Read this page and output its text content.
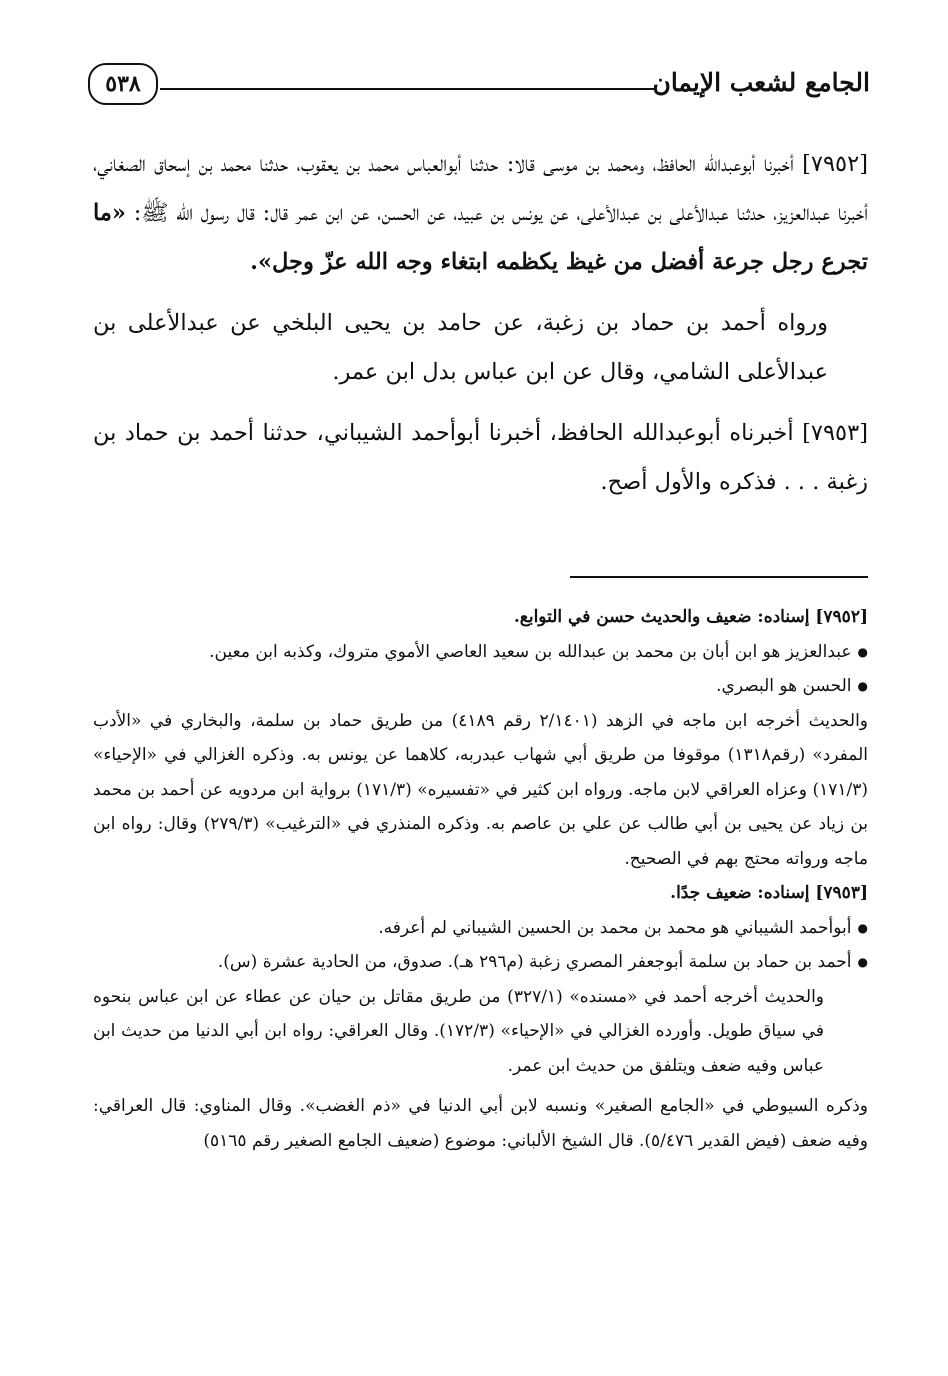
٥٣٨	الجامع لشعب الإيمان

[٧٩٥٢] أخبرنا أبوعبدالله الحافظ، ومحمد بن موسى قالا: حدثنا أبوالعباس محمد بن يعقوب، حدثنا محمد بن إسحاق الصغاني، أخبرنا عبدالعزيز، حدثنا عبدالأعلى بن عبدالأعلى، عن يونس بن عبيد، عن الحسن، عن ابن عمر قال: قال رسول الله ﷺ: «ما تجرع رجل جرعة أفضل من غيظ يكظمه ابتغاء وجه الله عزّ وجل».

ورواه أحمد بن حماد بن زغبة، عن حامد بن يحيى البلخي عن عبدالأعلى بن عبدالأعلى الشامي، وقال عن ابن عباس بدل ابن عمر.

[٧٩٥٣] أخبرناه أبوعبدالله الحافظ، أخبرنا أبوأحمد الشيباني، حدثنا أحمد بن حماد بن زغبة . . . فذكره والأول أصح.

[٧٩٥٢] إسناده: ضعيف والحديث حسن في التوابع.

● عبدالعزيز هو ابن أبان بن محمد بن عبدالله بن سعيد العاصي الأموي متروك، وكذبه ابن معين.

● الحسن هو البصري.

والحديث أخرجه ابن ماجه في الزهد (٢/١٤٠١ رقم ٤١٨٩) من طريق حماد بن سلمة، والبخاري في «الأدب المفرد» (رقم١٣١٨) موقوفا من طريق أبي شهاب عبدربه، كلاهما عن يونس به. وذكره الغزالي في «الإحياء» (١٧١/٣) وعزاه العراقي لابن ماجه. ورواه ابن كثير في «تفسيره» (١٧١/٣) برواية ابن مردويه عن أحمد بن محمد بن زياد عن يحيى بن أبي طالب عن علي بن عاصم به. وذكره المنذري في «الترغيب» (٢٧٩/٣) وقال: رواه ابن ماجه ورواته محتج بهم في الصحيح.

[٧٩٥٣] إسناده: ضعيف جدًا.

● أبوأحمد الشيباني هو محمد بن محمد بن الحسين الشيباني لم أعرفه.

● أحمد بن حماد بن سلمة أبوجعفر المصري زغبة (م٢٩٦ هـ). صدوق، من الحادية عشرة (س).

والحديث أخرجه أحمد في «مسنده» (٣٢٧/١) من طريق مقاتل بن حيان عن عطاء عن ابن عباس بنحوه في سياق طويل. وأورده الغزالي في «الإحياء» (١٧٢/٣). وقال العراقي: رواه ابن أبي الدنيا من حديث ابن عباس وفيه ضعف ويتلفق من حديث ابن عمر.

وذكره السيوطي في «الجامع الصغير» ونسبه لابن أبي الدنيا في «ذم الغضب». وقال المناوي: قال العراقي: وفيه ضعف (فيض القدير ٥/٤٧٦). قال الشيخ الألباني: موضوع (ضعيف الجامع الصغير رقم ٥١٦٥)
